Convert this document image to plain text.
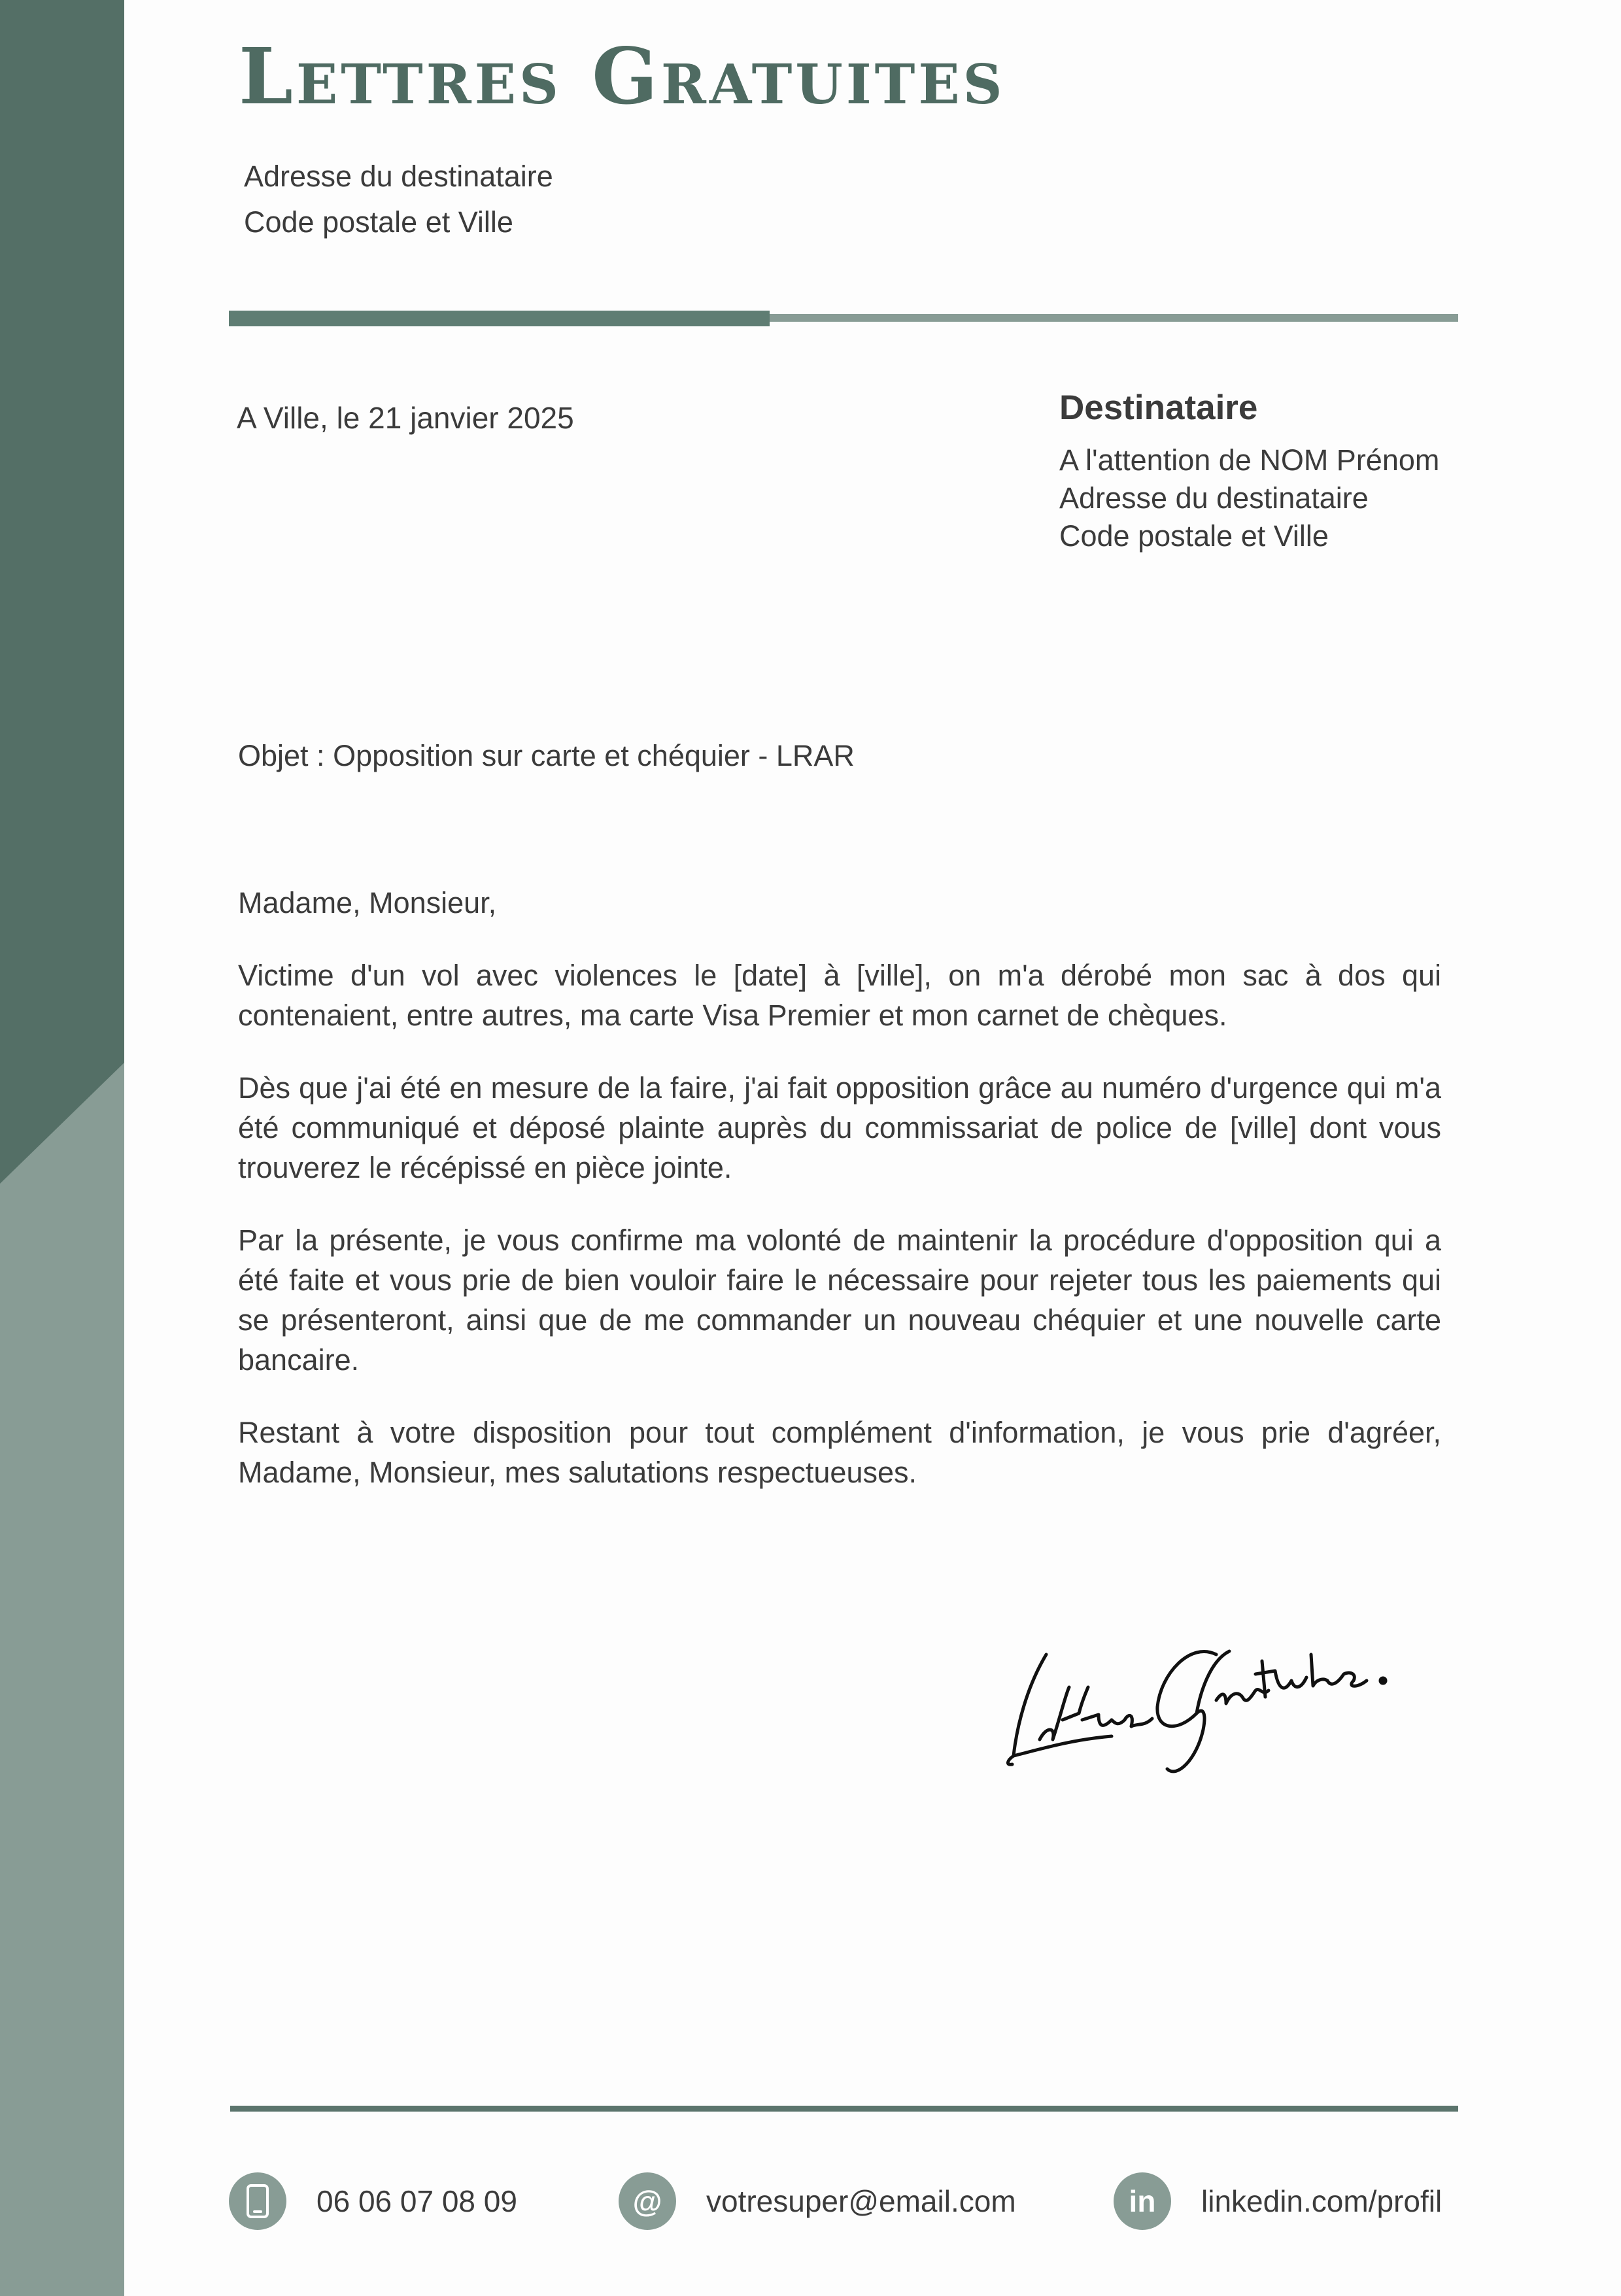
Lettres Gratuites
Adresse du destinataire
Code postale et Ville
A Ville, le 21 janvier 2025	Destinataire
A l'attention de NOM Prénom
Adresse du destinataire
Code postale et Ville
Objet : Opposition sur carte et chéquier - LRAR

Madame, Monsieur,

Victime d'un vol avec violences le [date] à [ville], on m'a dérobé mon sac à dos qui contenaient, entre autres, ma carte Visa Premier et mon carnet de chèques.

Dès que j'ai été en mesure de la faire, j'ai fait opposition grâce au numéro d'urgence qui m'a été communiqué et déposé plainte auprès du commissariat de police de [ville] dont vous trouverez le récépissé en pièce jointe.

Par la présente, je vous confirme ma volonté de maintenir la procédure d'opposition qui a été faite et vous prie de bien vouloir faire le nécessaire pour rejeter tous les paiements qui se présenteront, ainsi que de me commander un nouveau chéquier et une nouvelle carte bancaire.

Restant à votre disposition pour tout complément d'information, je vous prie d'agréer, Madame, Monsieur, mes salutations respectueuses.

06 06 07 08 09	@	votresuper@email.com	in	linkedin.com/profil
